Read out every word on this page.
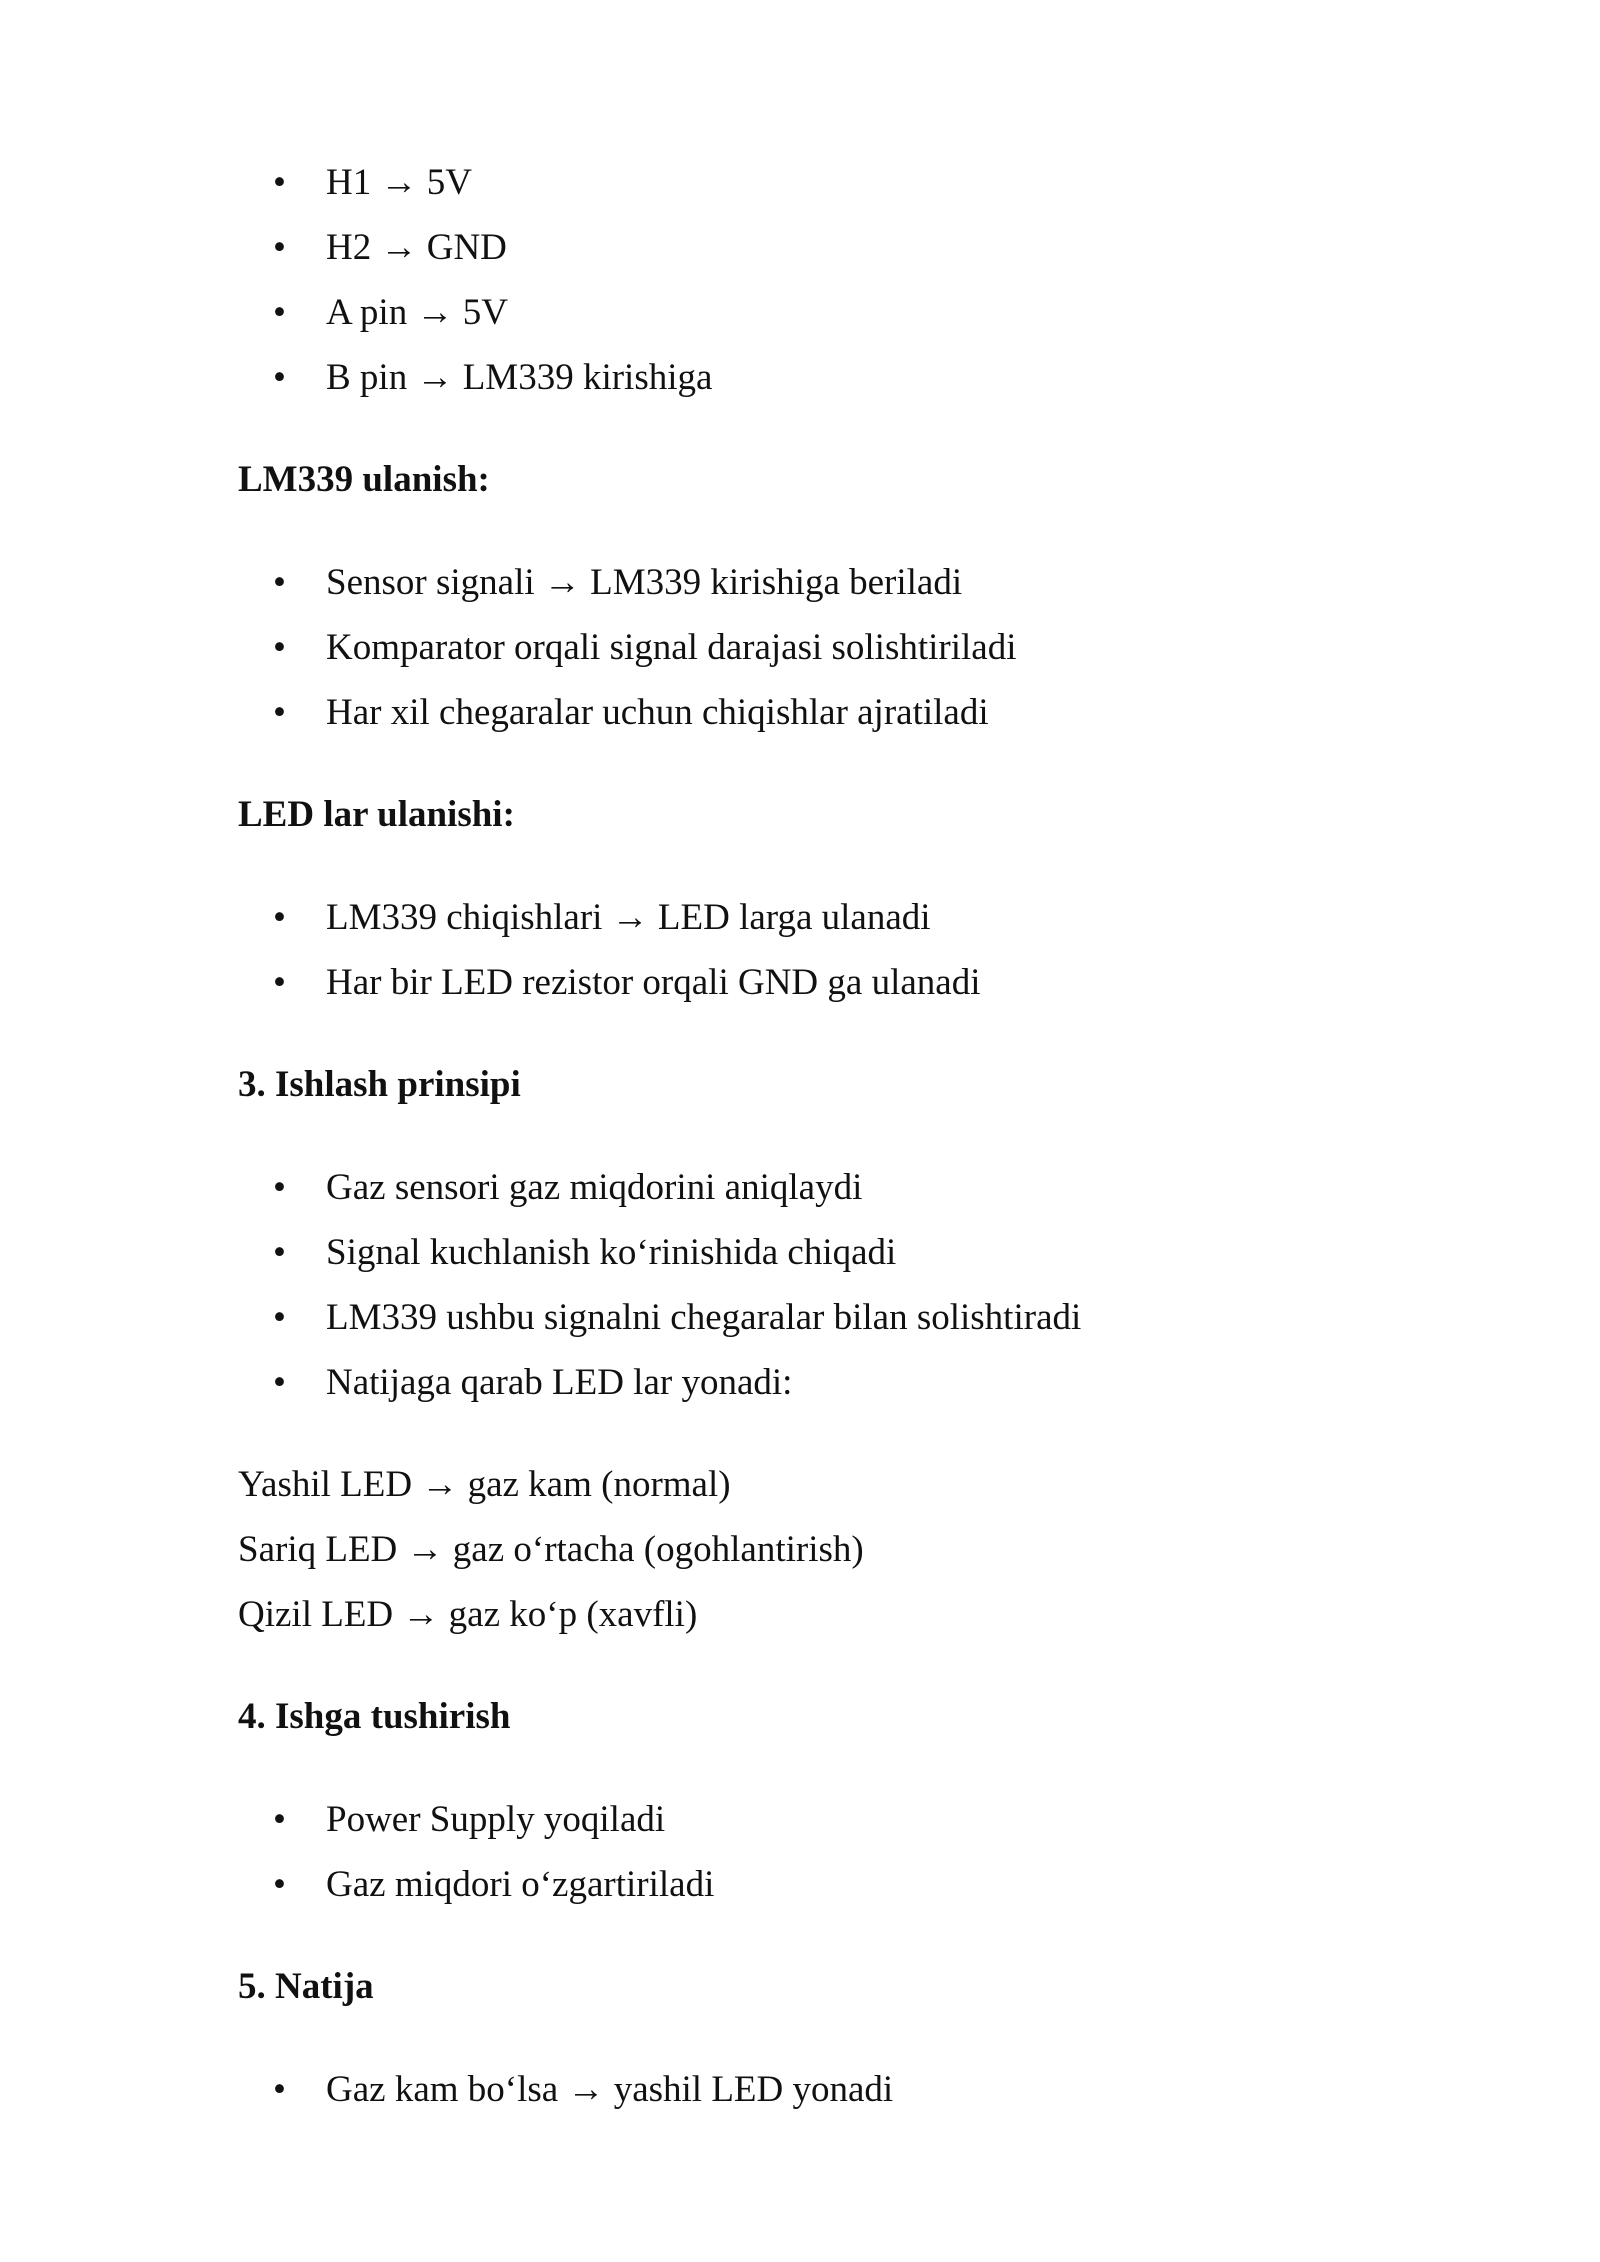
• H1 → 5V
• H2 → GND
• A pin → 5V
• B pin → LM339 kirishiga
LM339 ulanish:
• Sensor signali → LM339 kirishiga beriladi
• Komparator orqali signal darajasi solishtiriladi
• Har xil chegaralar uchun chiqishlar ajratiladi
LED lar ulanishi:
• LM339 chiqishlari → LED larga ulanadi
• Har bir LED rezistor orqali GND ga ulanadi
3. Ishlash prinsipi
• Gaz sensori gaz miqdorini aniqlaydi
• Signal kuchlanish ko‘rinishida chiqadi
• LM339 ushbu signalni chegaralar bilan solishtiradi
• Natijaga qarab LED lar yonadi:

Yashil LED → gaz kam (normal)

Sariq LED → gaz o‘rtacha (ogohlantirish)

Qizil LED → gaz ko‘p (xavfli)

4. Ishga tushirish
• Power Supply yoqiladi
• Gaz miqdori o‘zgartiriladi
5. Natija
• Gaz kam bo‘lsa → yashil LED yonadi
